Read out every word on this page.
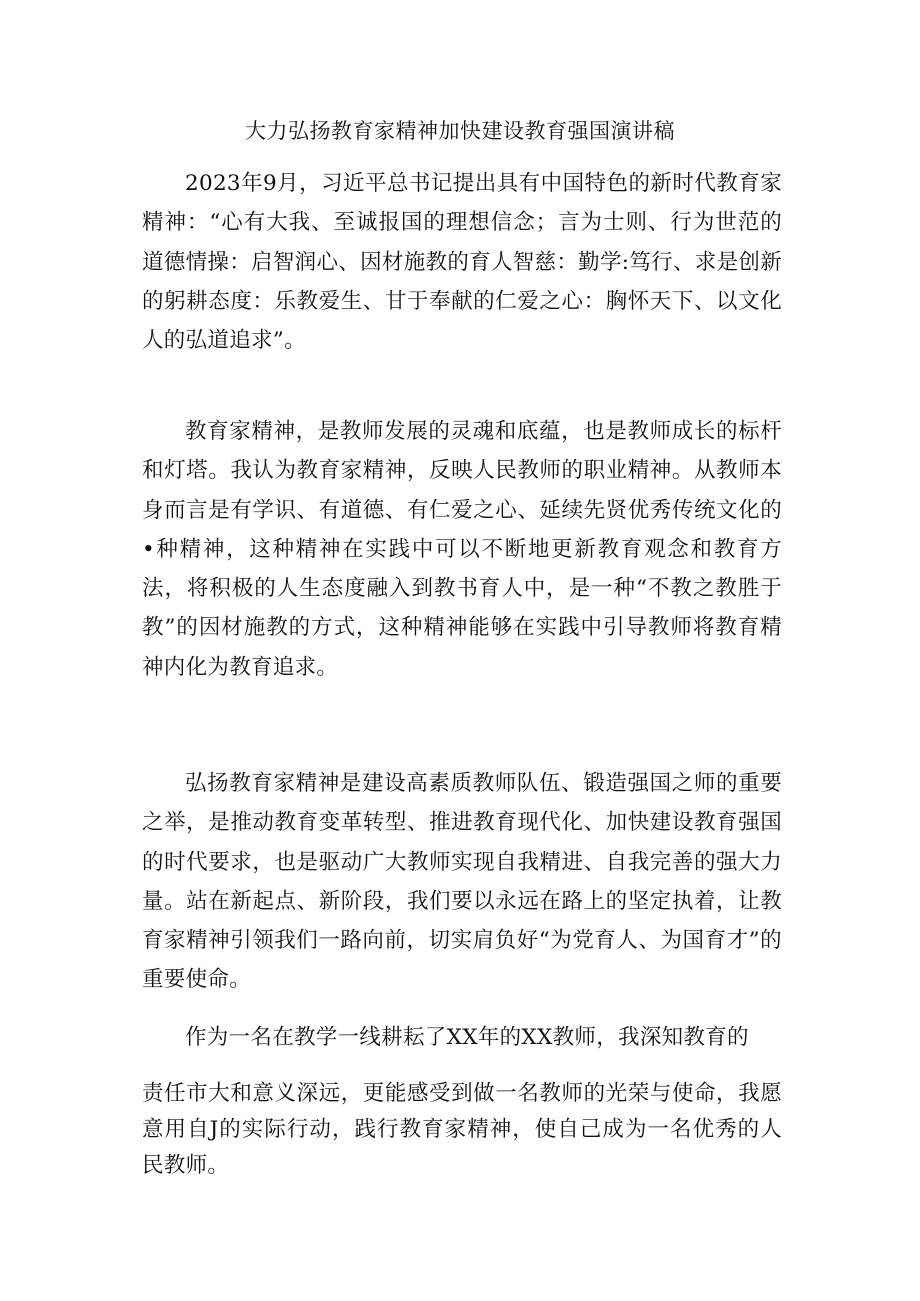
大力弘扬教育家精神加快建设教育强国演讲稿

2023年9月，习近平总书记提出具有中国特色的新时代教育家精神：“心有大我、至诚报国的理想信念；言为士则、行为世范的道德情操：启智润心、因材施教的育人智慈：勤学:笃行、求是创新的躬耕态度：乐教爱生、甘于奉献的仁爱之心：胸怀天下、以文化人的弘道追求”。

教育家精神，是教师发展的灵魂和底蕴，也是教师成长的标杆和灯塔。我认为教育家精神，反映人民教师的职业精神。从教师本身而言是有学识、有道德、有仁爱之心、延续先贤优秀传统文化的•种精神，这种精神在实践中可以不断地更新教育观念和教育方法，将积极的人生态度融入到教书育人中，是一种“不教之教胜于教”的因材施教的方式，这种精神能够在实践中引导教师将教育精神内化为教育追求。

弘扬教育家精神是建设高素质教师队伍、锻造强国之师的重要之举，是推动教育变革转型、推进教育现代化、加快建设教育强国的时代要求，也是驱动广大教师实现自我精进、自我完善的强大力量。站在新起点、新阶段，我们要以永远在路上的坚定执着，让教育家精神引领我们一路向前，切实肩负好“为党育人、为国育才”的重要使命。

作为一名在教学一线耕耘了XX年的XX教师，我深知教育的

责任市大和意义深远，更能感受到做一名教师的光荣与使命，我愿意用自J的实际行动，践行教育家精神，使自己成为一名优秀的人民教师。
